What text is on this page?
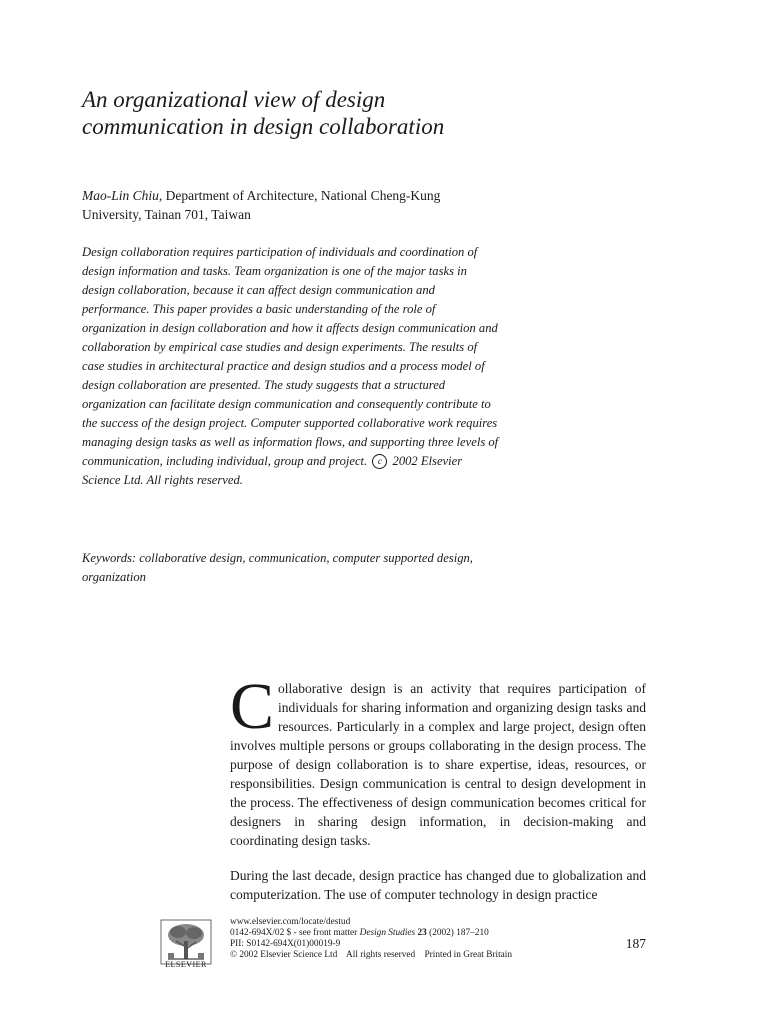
An organizational view of design communication in design collaboration
Mao-Lin Chiu, Department of Architecture, National Cheng-Kung University, Tainan 701, Taiwan
Design collaboration requires participation of individuals and coordination of design information and tasks. Team organization is one of the major tasks in design collaboration, because it can affect design communication and performance. This paper provides a basic understanding of the role of organization in design collaboration and how it affects design communication and collaboration by empirical case studies and design experiments. The results of case studies in architectural practice and design studios and a process model of design collaboration are presented. The study suggests that a structured organization can facilitate design communication and consequently contribute to the success of the design project. Computer supported collaborative work requires managing design tasks as well as information flows, and supporting three levels of communication, including individual, group and project. c 2002 Elsevier Science Ltd. All rights reserved.
Keywords: collaborative design, communication, computer supported design, organization

Collaborative design is an activity that requires participation of individuals for sharing information and organizing design tasks and resources. Particularly in a complex and large project, design often involves multiple persons or groups collaborating in the design process. The purpose of design collaboration is to share expertise, ideas, resources, or responsibilities. Design communication is central to design development in the process. The effectiveness of design communication becomes critical for designers in sharing design information, in decision-making and coordinating design tasks.

During the last decade, design practice has changed due to globalization and computerization. The use of computer technology in design practice

ELSEVIER
www.elsevier.com/locate/destud
0142-694X/02 $ - see front matter Design Studies 23 (2002) 187–210
PII: S0142-694X(01)00019-9
© 2002 Elsevier Science Ltd    All rights reserved    Printed in Great Britain
187
